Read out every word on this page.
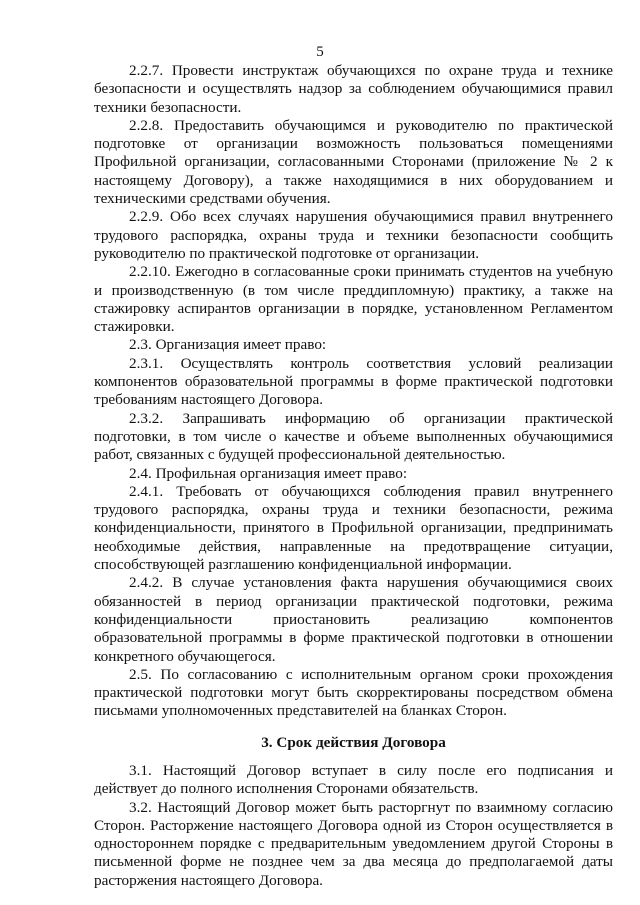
5

2.2.7. Провести инструктаж обучающихся по охране труда и технике безопасности и осуществлять надзор за соблюдением обучающимися правил техники безопасности.

2.2.8. Предоставить обучающимся и руководителю по практической подготовке от организации возможность пользоваться помещениями Профильной организации, согласованными Сторонами (приложение № 2 к настоящему Договору), а также находящимися в них оборудованием и техническими средствами обучения.

2.2.9. Обо всех случаях нарушения обучающимися правил внутреннего трудового распорядка, охраны труда и техники безопасности сообщить руководителю по практической подготовке от организации.

2.2.10. Ежегодно в согласованные сроки принимать студентов на учебную и производственную (в том числе преддипломную) практику, а также на стажировку аспирантов организации в порядке, установленном Регламентом стажировки.

2.3. Организация имеет право:

2.3.1. Осуществлять контроль соответствия условий реализации компонентов образовательной программы в форме практической подготовки требованиям настоящего Договора.

2.3.2. Запрашивать информацию об организации практической подготовки, в том числе о качестве и объеме выполненных обучающимися работ, связанных с будущей профессиональной деятельностью.

2.4. Профильная организация имеет право:

2.4.1. Требовать от обучающихся соблюдения правил внутреннего трудового распорядка, охраны труда и техники безопасности, режима конфиденциальности, принятого в Профильной организации, предпринимать необходимые действия, направленные на предотвращение ситуации, способствующей разглашению конфиденциальной информации.

2.4.2. В случае установления факта нарушения обучающимися своих обязанностей в период организации практической подготовки, режима конфиденциальности приостановить реализацию компонентов образовательной программы в форме практической подготовки в отношении конкретного обучающегося.

2.5. По согласованию с исполнительным органом сроки прохождения практической подготовки могут быть скорректированы посредством обмена письмами уполномоченных представителей на бланках Сторон.

3. Срок действия Договора

3.1. Настоящий Договор вступает в силу после его подписания и действует до полного исполнения Сторонами обязательств.

3.2. Настоящий Договор может быть расторгнут по взаимному согласию Сторон. Расторжение настоящего Договора одной из Сторон осуществляется в одностороннем порядке с предварительным уведомлением другой Стороны в письменной форме не позднее чем за два месяца до предполагаемой даты расторжения настоящего Договора.
